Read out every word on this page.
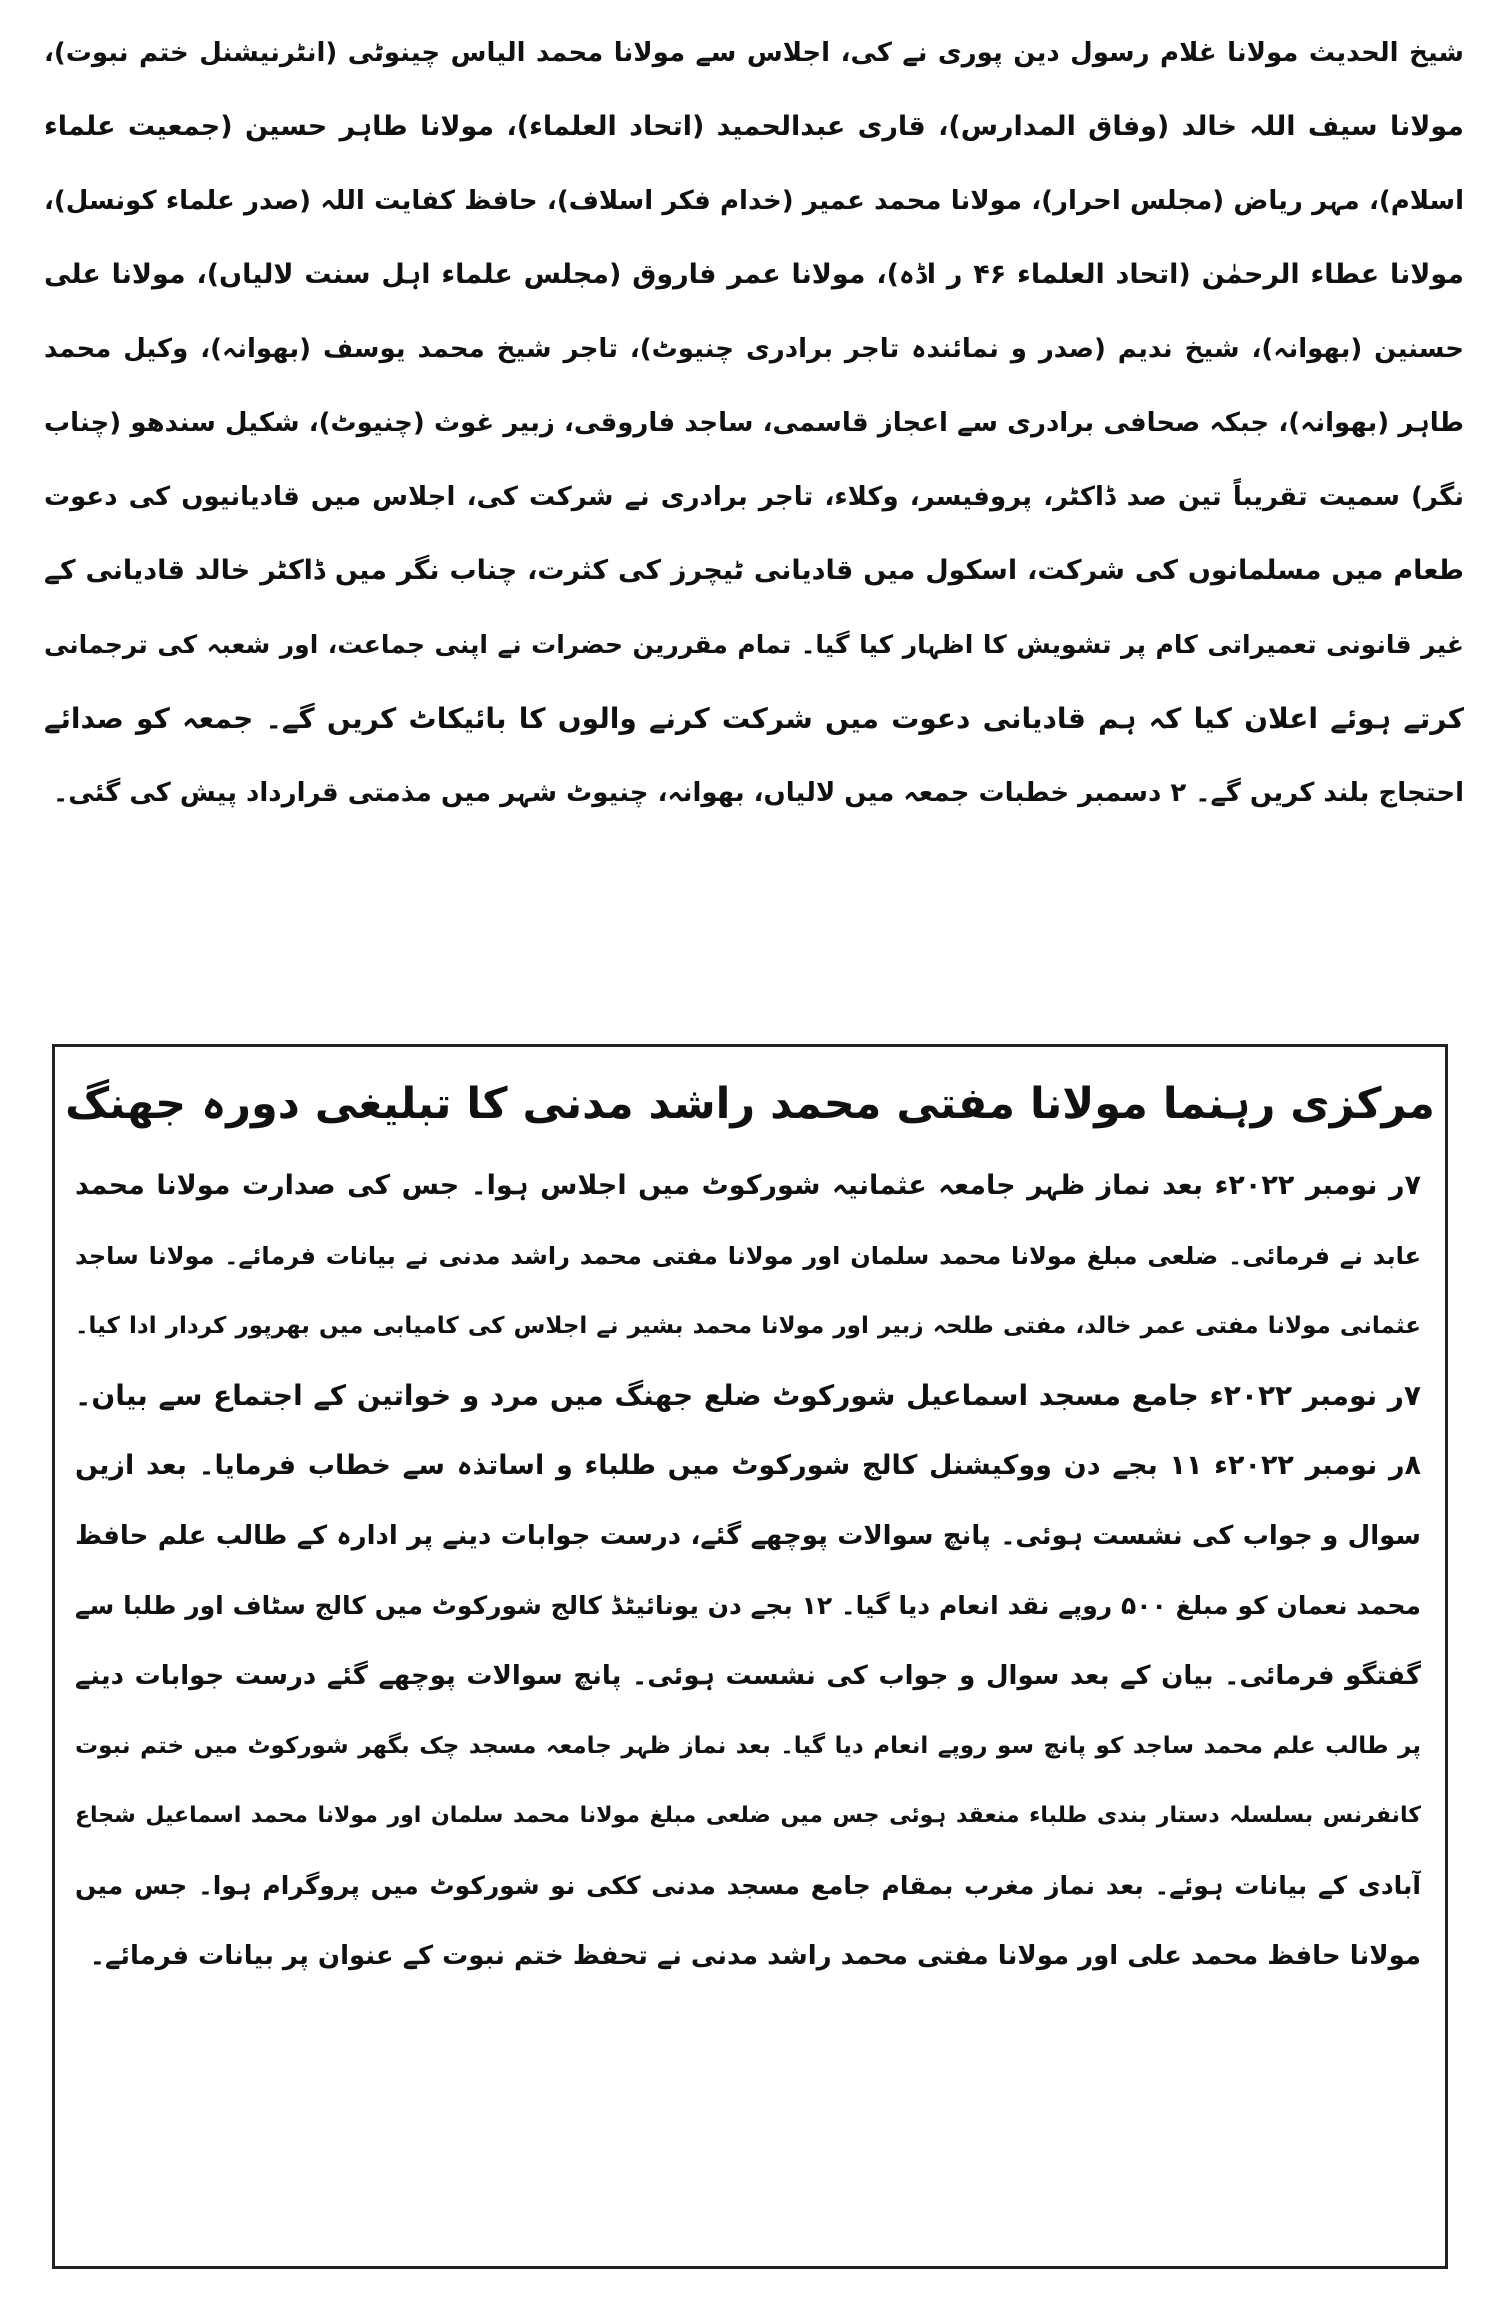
شیخ الحدیث مولانا غلام رسول دین پوری نے کی، اجلاس سے مولانا محمد الیاس چینوٹی (انٹرنیشنل ختم نبوت)،
مولانا سیف اللہ خالد (وفاق المدارس)، قاری عبدالحمید (اتحاد العلماء)، مولانا طاہر حسین (جمعیت علماء
اسلام)، مہر ریاض (مجلس احرار)، مولانا محمد عمیر (خدام فکر اسلاف)، حافظ کفایت اللہ (صدر علماء کونسل)،
مولانا عطاء الرحمٰن (اتحاد العلماء ۴۶ ر اڈہ)، مولانا عمر فاروق (مجلس علماء اہل سنت لالیاں)، مولانا علی
حسنین (بھوانہ)، شیخ ندیم (صدر و نمائندہ تاجر برادری چنیوٹ)، تاجر شیخ محمد یوسف (بھوانہ)، وکیل محمد
طاہر (بھوانہ)، جبکہ صحافی برادری سے اعجاز قاسمی، ساجد فاروقی، زبیر غوث (چنیوٹ)، شکیل سندھو (چناب
نگر) سمیت تقریباً تین صد ڈاکٹر، پروفیسر، وکلاء، تاجر برادری نے شرکت کی، اجلاس میں قادیانیوں کی دعوت
طعام میں مسلمانوں کی شرکت، اسکول میں قادیانی ٹیچرز کی کثرت، چناب نگر میں ڈاکٹر خالد قادیانی کے
غیر قانونی تعمیراتی کام پر تشویش کا اظہار کیا گیا۔ تمام مقررین حضرات نے اپنی جماعت، اور شعبہ کی ترجمانی
کرتے ہوئے اعلان کیا کہ ہم قادیانی دعوت میں شرکت کرنے والوں کا بائیکاٹ کریں گے۔ جمعہ کو صدائے
احتجاج بلند کریں گے۔ ۲ دسمبر خطبات جمعہ میں لالیاں، بھوانہ، چنیوٹ شہر میں مذمتی قرارداد پیش کی گئی۔
مرکزی رہنما مولانا مفتی محمد راشد مدنی کا تبلیغی دورہ جھنگ
۷ر نومبر ۲۰۲۲ء بعد نماز ظہر جامعہ عثمانیہ شورکوٹ میں اجلاس ہوا۔ جس کی صدارت مولانا محمد
عابد نے فرمائی۔ ضلعی مبلغ مولانا محمد سلمان اور مولانا مفتی محمد راشد مدنی نے بیانات فرمائے۔ مولانا ساجد
عثمانی مولانا مفتی عمر خالد، مفتی طلحہ زبیر اور مولانا محمد بشیر نے اجلاس کی کامیابی میں بھرپور کردار ادا کیا۔
۷ر نومبر ۲۰۲۲ء جامع مسجد اسماعیل شورکوٹ ضلع جھنگ میں مرد و خواتین کے اجتماع سے بیان۔
۸ر نومبر ۲۰۲۲ء ۱۱ بجے دن ووکیشنل کالج شورکوٹ میں طلباء و اساتذہ سے خطاب فرمایا۔ بعد ازیں
سوال و جواب کی نشست ہوئی۔ پانچ سوالات پوچھے گئے، درست جوابات دینے پر ادارہ کے طالب علم حافظ
محمد نعمان کو مبلغ ۵۰۰ روپے نقد انعام دیا گیا۔ ۱۲ بجے دن یونائیٹڈ کالج شورکوٹ میں کالج سٹاف اور طلبا سے
گفتگو فرمائی۔ بیان کے بعد سوال و جواب کی نشست ہوئی۔ پانچ سوالات پوچھے گئے درست جوابات دینے
پر طالب علم محمد ساجد کو پانچ سو روپے انعام دیا گیا۔ بعد نماز ظہر جامعہ مسجد چک بگھر شورکوٹ میں ختم نبوت
کانفرنس بسلسلہ دستار بندی طلباء منعقد ہوئی جس میں ضلعی مبلغ مولانا محمد سلمان اور مولانا محمد اسماعیل شجاع
آبادی کے بیانات ہوئے۔ بعد نماز مغرب بمقام جامع مسجد مدنی ککی نو شورکوٹ میں پروگرام ہوا۔ جس میں
مولانا حافظ محمد علی اور مولانا مفتی محمد راشد مدنی نے تحفظ ختم نبوت کے عنوان پر بیانات فرمائے۔
